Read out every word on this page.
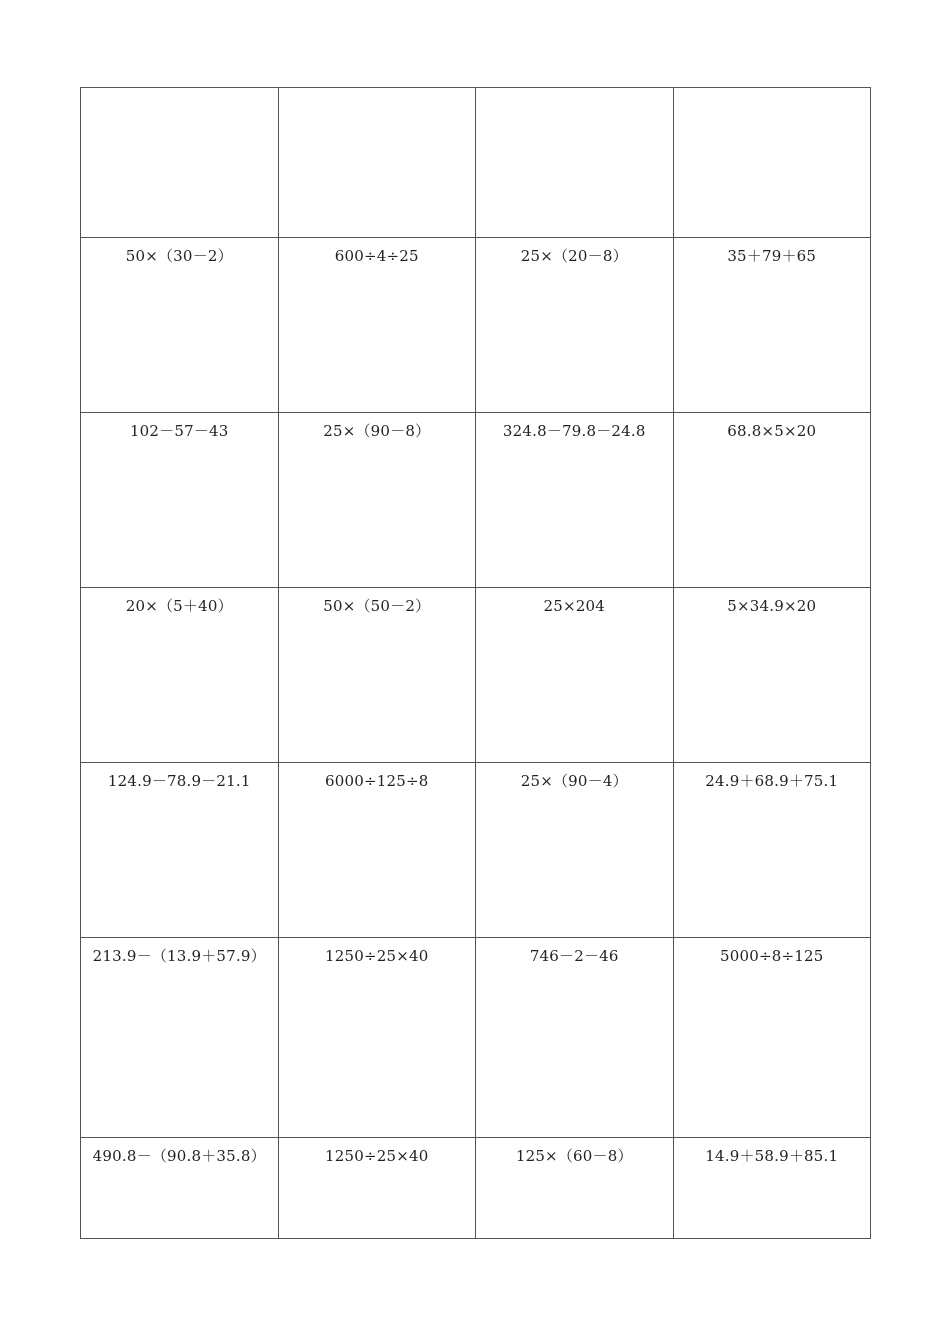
50×（30－2）	600÷4÷25	25×（20－8）	35＋79＋65
102－57－43	25×（90－8）	324.8－79.8－24.8	68.8×5×20
20×（5＋40）	50×（50－2）	25×204	5×34.9×20
124.9－78.9－21.1	6000÷125÷8	25×（90－4）	24.9＋68.9＋75.1
213.9－（13.9＋57.9）	1250÷25×40	746－2－46	5000÷8÷125
490.8－（90.8＋35.8）	1250÷25×40	125×（60－8）	14.9＋58.9＋85.1
